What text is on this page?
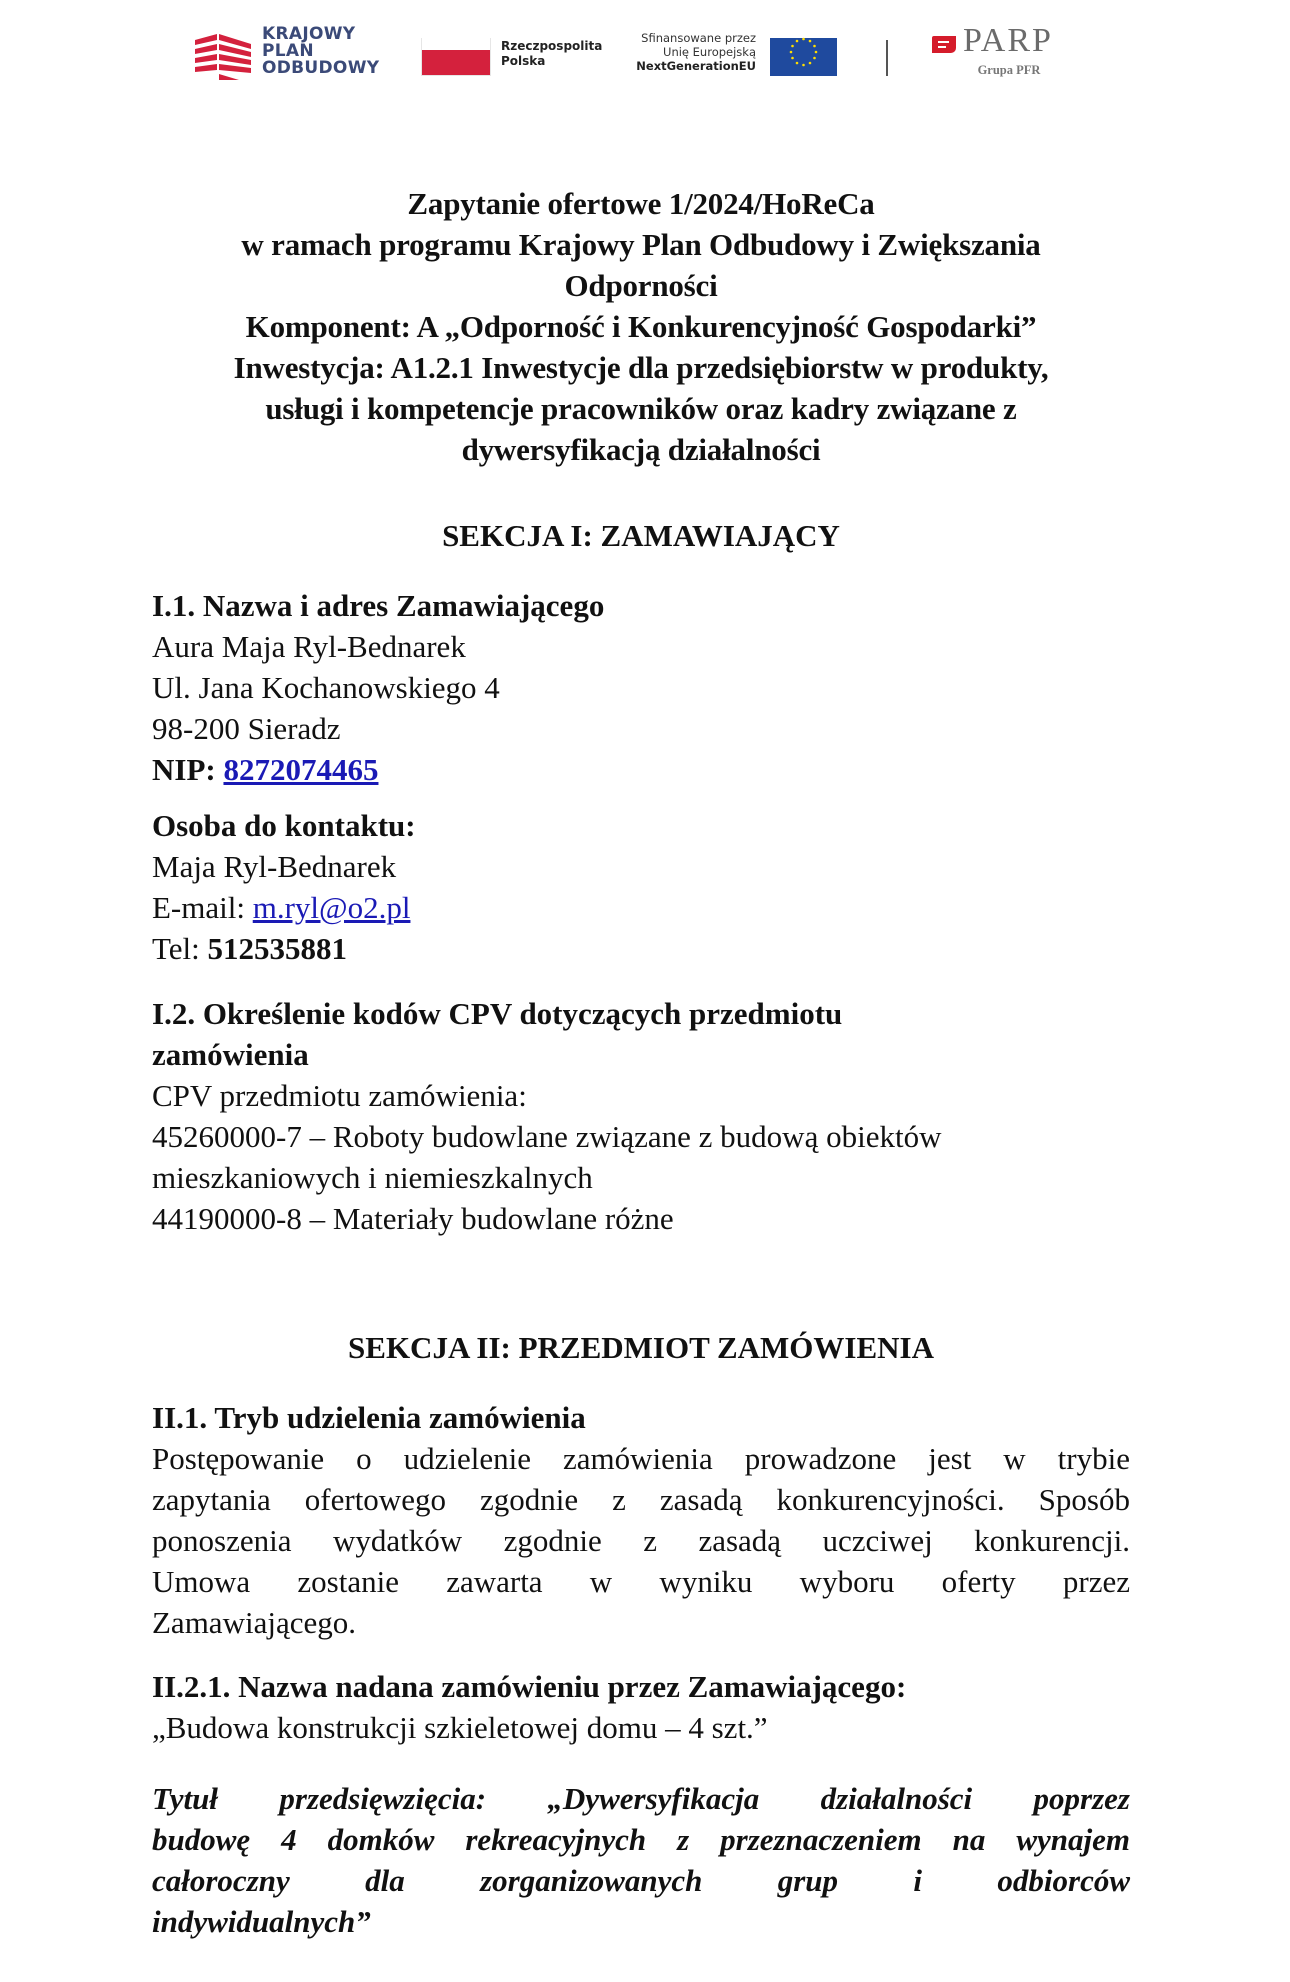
KRAJOWY
PLAN
ODBUDOWY
Rzeczpospolita
Polska
Sfinansowane przez
Unię Europejską
NextGenerationEU
PARP
Grupa PFR
Zapytanie ofertowe 1/2024/HoReCa
w ramach programu Krajowy Plan Odbudowy i Zwiększania
Odporności
Komponent: A „Odporność i Konkurencyjność Gospodarki”
Inwestycja: A1.2.1 Inwestycje dla przedsiębiorstw w produkty,
usługi i kompetencje pracowników oraz kadry związane z
dywersyfikacją działalności
SEKCJA I: ZAMAWIAJĄCY
I.1. Nazwa i adres Zamawiającego
Aura Maja Ryl-Bednarek
Ul. Jana Kochanowskiego 4
98-200 Sieradz
NIP: 8272074465
Osoba do kontaktu:
Maja Ryl-Bednarek
E-mail: m.ryl@o2.pl
Tel: 512535881
I.2. Określenie kodów CPV dotyczących przedmiotu
zamówienia
CPV przedmiotu zamówienia:
45260000-7 – Roboty budowlane związane z budową obiektów
mieszkaniowych i niemieszkalnych
44190000-8 – Materiały budowlane różne
SEKCJA II: PRZEDMIOT ZAMÓWIENIA
II.1. Tryb udzielenia zamówienia
Postępowanie o udzielenie zamówienia prowadzone jest w trybie
zapytania ofertowego zgodnie z zasadą konkurencyjności. Sposób
ponoszenia wydatków zgodnie z zasadą uczciwej konkurencji.
Umowa zostanie zawarta w wyniku wyboru oferty przez
Zamawiającego.
II.2.1. Nazwa nadana zamówieniu przez Zamawiającego:
„Budowa konstrukcji szkieletowej domu – 4 szt.”
Tytuł przedsięwzięcia: „Dywersyfikacja działalności poprzez
budowę 4 domków rekreacyjnych z przeznaczeniem na wynajem
całoroczny dla zorganizowanych grup i odbiorców
indywidualnych”
